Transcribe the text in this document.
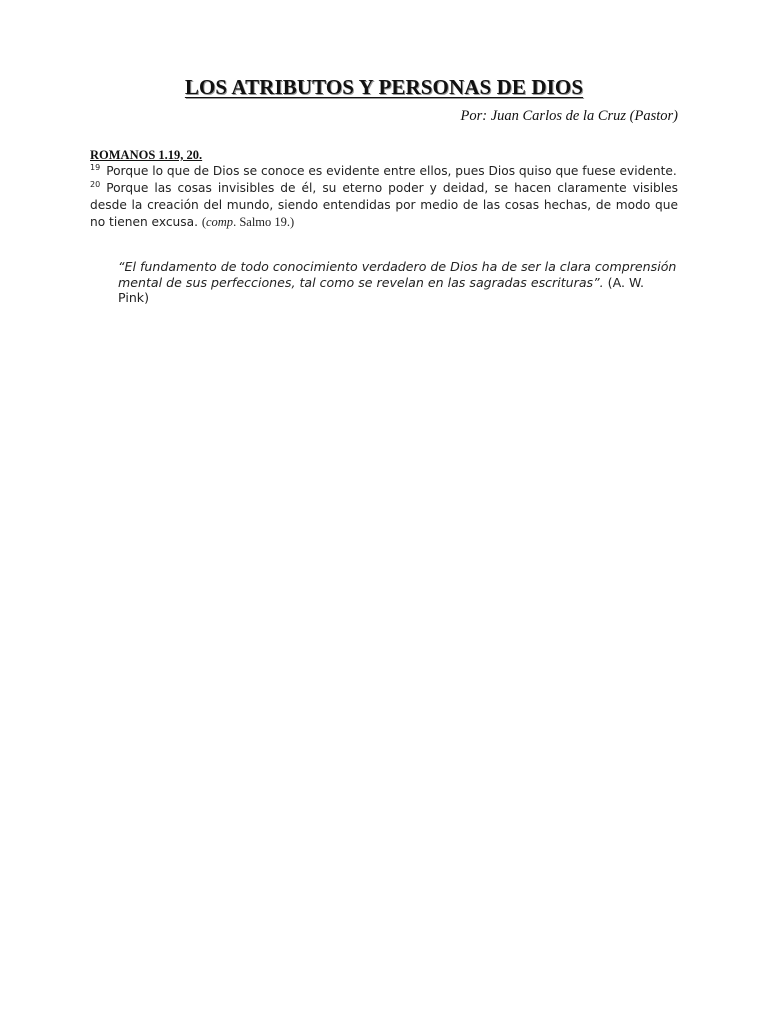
LOS ATRIBUTOS Y PERSONAS DE DIOS
Por: Juan Carlos de la Cruz (Pastor)
ROMANOS 1.19, 20.

$^{19}$ Porque lo que de Dios se conoce es evidente entre ellos, pues Dios quiso que fuese evidente.

$^{20}$ Porque las cosas invisibles de él, su eterno poder y deidad, se hacen claramente visibles desde la creación del mundo, siendo entendidas por medio de las cosas hechas, de modo que no tienen excusa. (comp. Salmo 19.)

“El fundamento de todo conocimiento verdadero de Dios ha de ser la clara comprensión mental de sus perfecciones, tal como se revelan en las sagradas escrituras”. (A. W. Pink)
